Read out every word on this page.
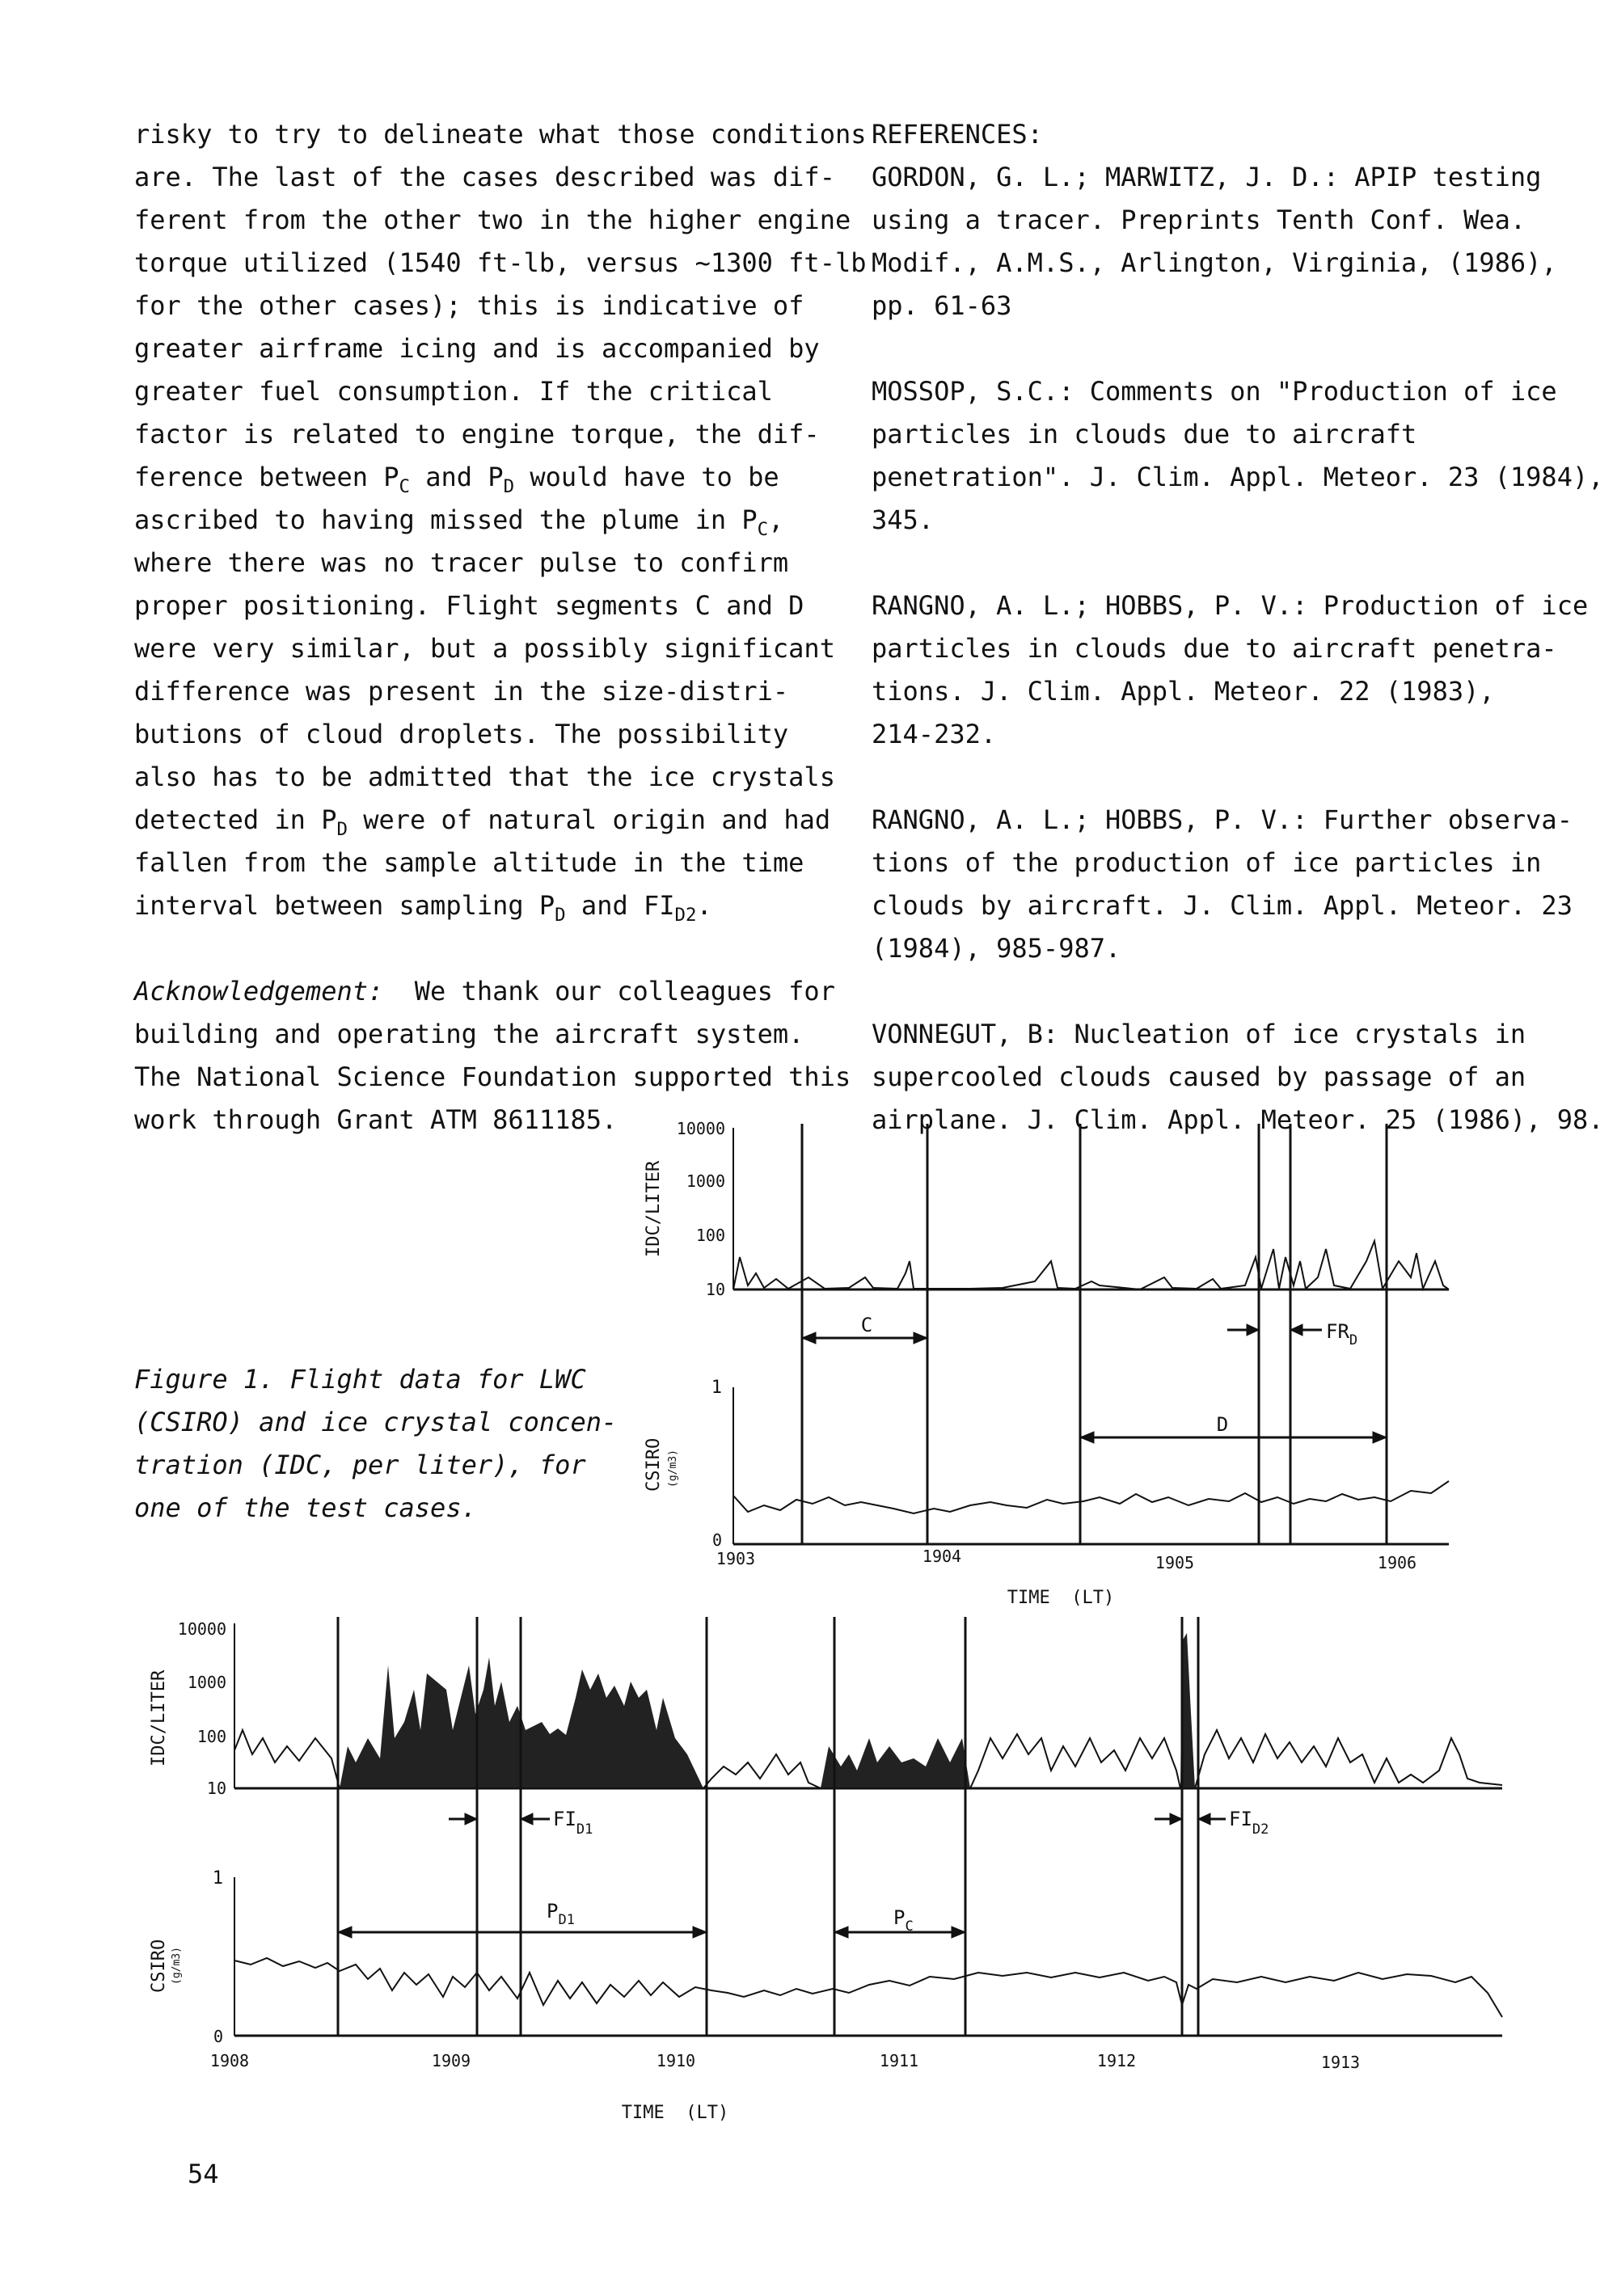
risky to try to delineate what those conditions
are. The last of the cases described was dif-
ferent from the other two in the higher engine
torque utilized (1540 ft-lb, versus ~1300 ft-lb
for the other cases); this is indicative of
greater airframe icing and is accompanied by
greater fuel consumption. If the critical
factor is related to engine torque, the dif-
ference between $P_C$ and $P_D$ would have to be
ascribed to having missed the plume in $P_C$,
where there was no tracer pulse to confirm
proper positioning. Flight segments C and D
were very similar, but a possibly significant
difference was present in the size-distri-
butions of cloud droplets. The possibility
also has to be admitted that the ice crystals
detected in $P_D$ were of natural origin and had
fallen from the sample altitude in the time
interval between sampling $P_D$ and $FI_{D2}$.

Acknowledgement:  We thank our colleagues for
building and operating the aircraft system.
The National Science Foundation supported this
work through Grant ATM 8611185.
REFERENCES:
GORDON, G. L.; MARWITZ, J. D.: APIP testing
using a tracer. Preprints Tenth Conf. Wea.
Modif., A.M.S., Arlington, Virginia, (1986),
pp. 61-63
MOSSOP, S.C.: Comments on "Production of ice
particles in clouds due to aircraft
penetration". J. Clim. Appl. Meteor. 23 (1984),
345.
RANGNO, A. L.; HOBBS, P. V.: Production of ice
particles in clouds due to aircraft penetra-
tions. J. Clim. Appl. Meteor. 22 (1983),
214-232.
RANGNO, A. L.; HOBBS, P. V.: Further observa-
tions of the production of ice particles in
clouds by aircraft. J. Clim. Appl. Meteor. 23
(1984), 985-987.
VONNEGUT, B: Nucleation of ice crystals in
supercooled clouds caused by passage of an
airplane. J. Clim. Appl. Meteor. 25 (1986), 98.
Figure 1. Flight data for LWC
(CSIRO) and ice crystal concen-
tration (IDC, per liter), for
one of the test cases.
54
10000
1000
100
10
IDC/LITER
1
0
CSIRO (g/m3)
1903	1904	1905	1906
TIME  (LT)
C
D
$FR_D$
10000
1000
100
10
IDC/LITER
1
0
CSIRO (g/m3)
1908	1909	1910	1911	1912	1913
TIME  (LT)
$P_{D1}$	$P_C$
$FI_{D1}$	$FI_{D2}$
